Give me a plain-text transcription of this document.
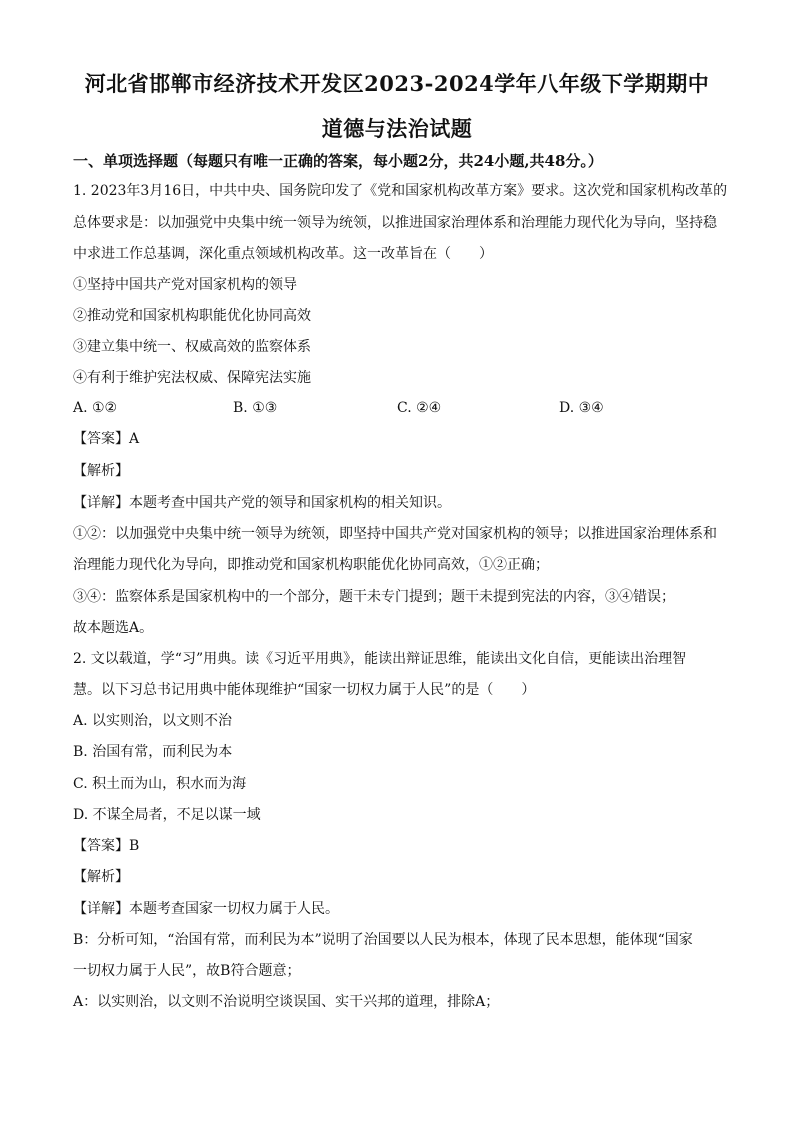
河北省邯郸市经济技术开发区2023-2024学年八年级下学期期中
道德与法治试题
一、单项选择题（每题只有唯一正确的答案，每小题2分，共24小题,共48分。）
1. 2023年3月16日，中共中央、国务院印发了《党和国家机构改革方案》要求。这次党和国家机构改革的
总体要求是：以加强党中央集中统一领导为统领，以推进国家治理体系和治理能力现代化为导向，坚持稳
中求进工作总基调，深化重点领域机构改革。这一改革旨在（　　）
①坚持中国共产党对国家机构的领导
②推动党和国家机构职能优化协同高效
③建立集中统一、权威高效的监察体系
④有利于维护宪法权威、保障宪法实施
A. ①②	B. ①③	C. ②④	D. ③④
【答案】A
【解析】
【详解】本题考查中国共产党的领导和国家机构的相关知识。
①②：以加强党中央集中统一领导为统领，即坚持中国共产党对国家机构的领导；以推进国家治理体系和
治理能力现代化为导向，即推动党和国家机构职能优化协同高效，①②正确；
③④：监察体系是国家机构中的一个部分，题干未专门提到；题干未提到宪法的内容，③④错误；
故本题选A。
2. 文以载道，学“习”用典。读《习近平用典》，能读出辩证思维，能读出文化自信，更能读出治理智
慧。以下习总书记用典中能体现维护“国家一切权力属于人民”的是（　　）
A. 以实则治，以文则不治
B. 治国有常，而利民为本
C. 积土而为山，积水而为海
D. 不谋全局者，不足以谋一域
【答案】B
【解析】
【详解】本题考查国家一切权力属于人民。
B：分析可知，“治国有常，而利民为本”说明了治国要以人民为根本，体现了民本思想，能体现“国家
一切权力属于人民”，故B符合题意；
A：以实则治，以文则不治说明空谈误国、实干兴邦的道理，排除A；
